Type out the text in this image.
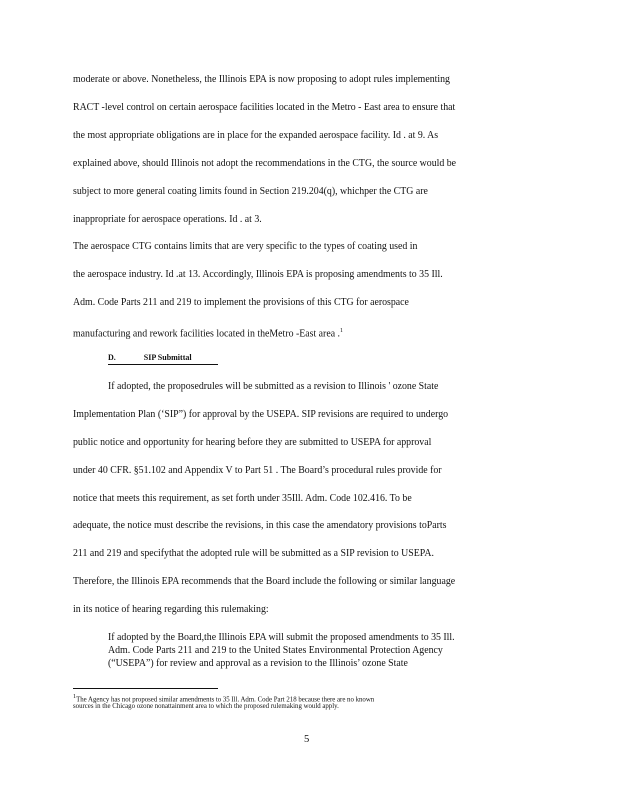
moderate or above. Nonetheless, the Illinois EPA is now proposing to adopt rules implementing
RACT -level control on certain aerospace facilities located in the Metro - East area to ensure that
the most appropriate obligations are in place for the expanded aerospace facility. Id . at 9. As
explained above, should Illinois not adopt the recommendations in the CTG, the source would be
subject to more general coating limits found in Section 219.204(q), whichper the CTG are
inappropriate for aerospace operations. Id . at 3.
The aerospace CTG contains limits that are very specific to the types of coating used in
the aerospace industry. Id .at 13. Accordingly, Illinois EPA is proposing amendments to 35 Ill.
Adm. Code Parts 211 and 219 to implement the provisions of this CTG for aerospace
manufacturing and rework facilities located in theMetro -East area .$^1$
D.	SIP Submittal
If adopted, the proposedrules will be submitted as a revision to Illinois ' ozone State
Implementation Plan (‘SIP”) for approval by the USEPA. SIP revisions are required to undergo
public notice and opportunity for hearing before they are submitted to USEPA for approval
under 40 CFR. §51.102 and Appendix V to Part 51 . The Board’s procedural rules provide for
notice that meets this requirement, as set forth under 35Ill. Adm. Code 102.416. To be
adequate, the notice must describe the revisions, in this case the amendatory provisions toParts
211 and 219 and specifythat the adopted rule will be submitted as a SIP revision to USEPA.
Therefore, the Illinois EPA recommends that the Board include the following or similar language
in its notice of hearing regarding this rulemaking:
If adopted by the Board,the Illinois EPA will submit the proposed amendments to 35 Ill.
Adm. Code Parts 211 and 219 to the United States Environmental Protection Agency
(“USEPA”) for review and approval as a revision to the Illinois’ ozone State
$^1$The Agency has not proposed similar amendments to 35 Ill. Adm. Code Part 218 because there are no known
sources in the Chicago ozone nonattainment area to which the proposed rulemaking would apply.
5
